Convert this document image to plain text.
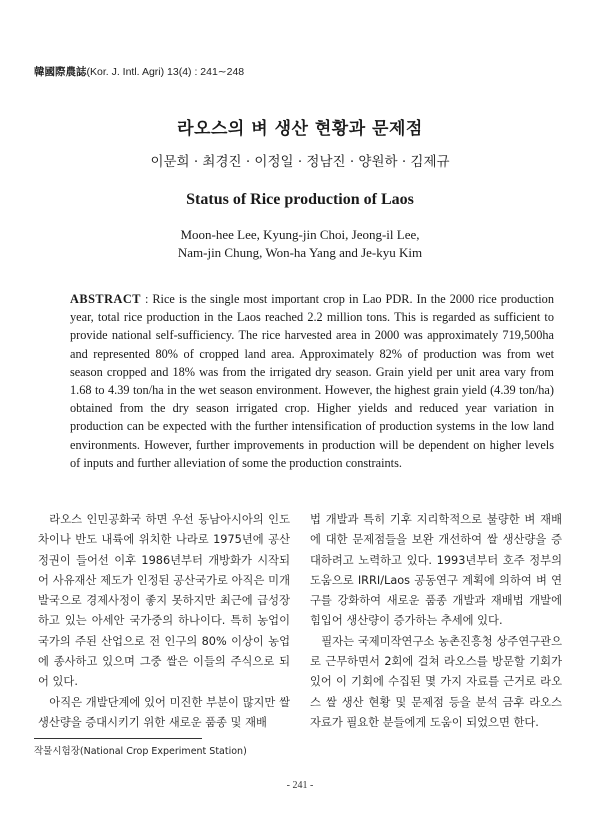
韓國際農誌(Kor. J. Intl. Agri) 13(4) : 241∼248
라오스의 벼 생산 현황과 문제점
이문희 · 최경진 · 이정일 · 정남진 · 양원하 · 김제규
Status of Rice production of Laos
Moon-hee Lee, Kyung-jin Choi, Jeong-il Lee,
Nam-jin Chung, Won-ha Yang and Je-kyu Kim
ABSTRACT : Rice is the single most important crop in Lao PDR. In the 2000 rice production year, total rice production in the Laos reached 2.2 million tons. This is regarded as sufficient to provide national self-sufficiency. The rice harvested area in 2000 was approximately 719,500ha and represented 80% of cropped land area. Approximately 82% of production was from wet season cropped and 18% was from the irrigated dry season. Grain yield per unit area vary from 1.68 to 4.39 ton/ha in the wet season environment. However, the highest grain yield (4.39 ton/ha) obtained from the dry season irrigated crop. Higher yields and reduced year variation in production can be expected with the further intensification of production systems in the low land environments. However, further improvements in production will be dependent on higher levels of inputs and further alleviation of some the production constraints.

라오스 인민공화국 하면 우선 동남아시아의 인도차이나 반도 내륙에 위치한 나라로 1975년에 공산 정권이 들어선 이후 1986년부터 개방화가 시작되어 사유재산 제도가 인정된 공산국가로 아직은 미개발국으로 경제사정이 좋지 못하지만 최근에 급성장하고 있는 아세안 국가중의 하나이다. 특히 농업이 국가의 주된 산업으로 전 인구의 80% 이상이 농업에 종사하고 있으며 그중 쌀은 이들의 주식으로 되어 있다.

아직은 개발단계에 있어 미진한 부분이 많지만 쌀 생산량을 증대시키기 위한 새로운 품종 및 재배

법 개발과 특히 기후 지리학적으로 불량한 벼 재배에 대한 문제점들을 보완 개선하여 쌀 생산량을 증대하려고 노력하고 있다. 1993년부터 호주 정부의 도움으로 IRRI/Laos 공동연구 계획에 의하여 벼 연구를 강화하여 새로운 품종 개발과 재배법 개발에 힘입어 생산량이 증가하는 추세에 있다.

필자는 국제미작연구소 농촌진흥청 상주연구관으로 근무하면서 2회에 걸쳐 라오스를 방문할 기회가 있어 이 기회에 수집된 몇 가지 자료를 근거로 라오스 쌀 생산 현황 및 문제점 등을 분석 금후 라오스 자료가 필요한 분들에게 도움이 되었으면 한다.

작물시험장(National Crop Experiment Station)
- 241 -
